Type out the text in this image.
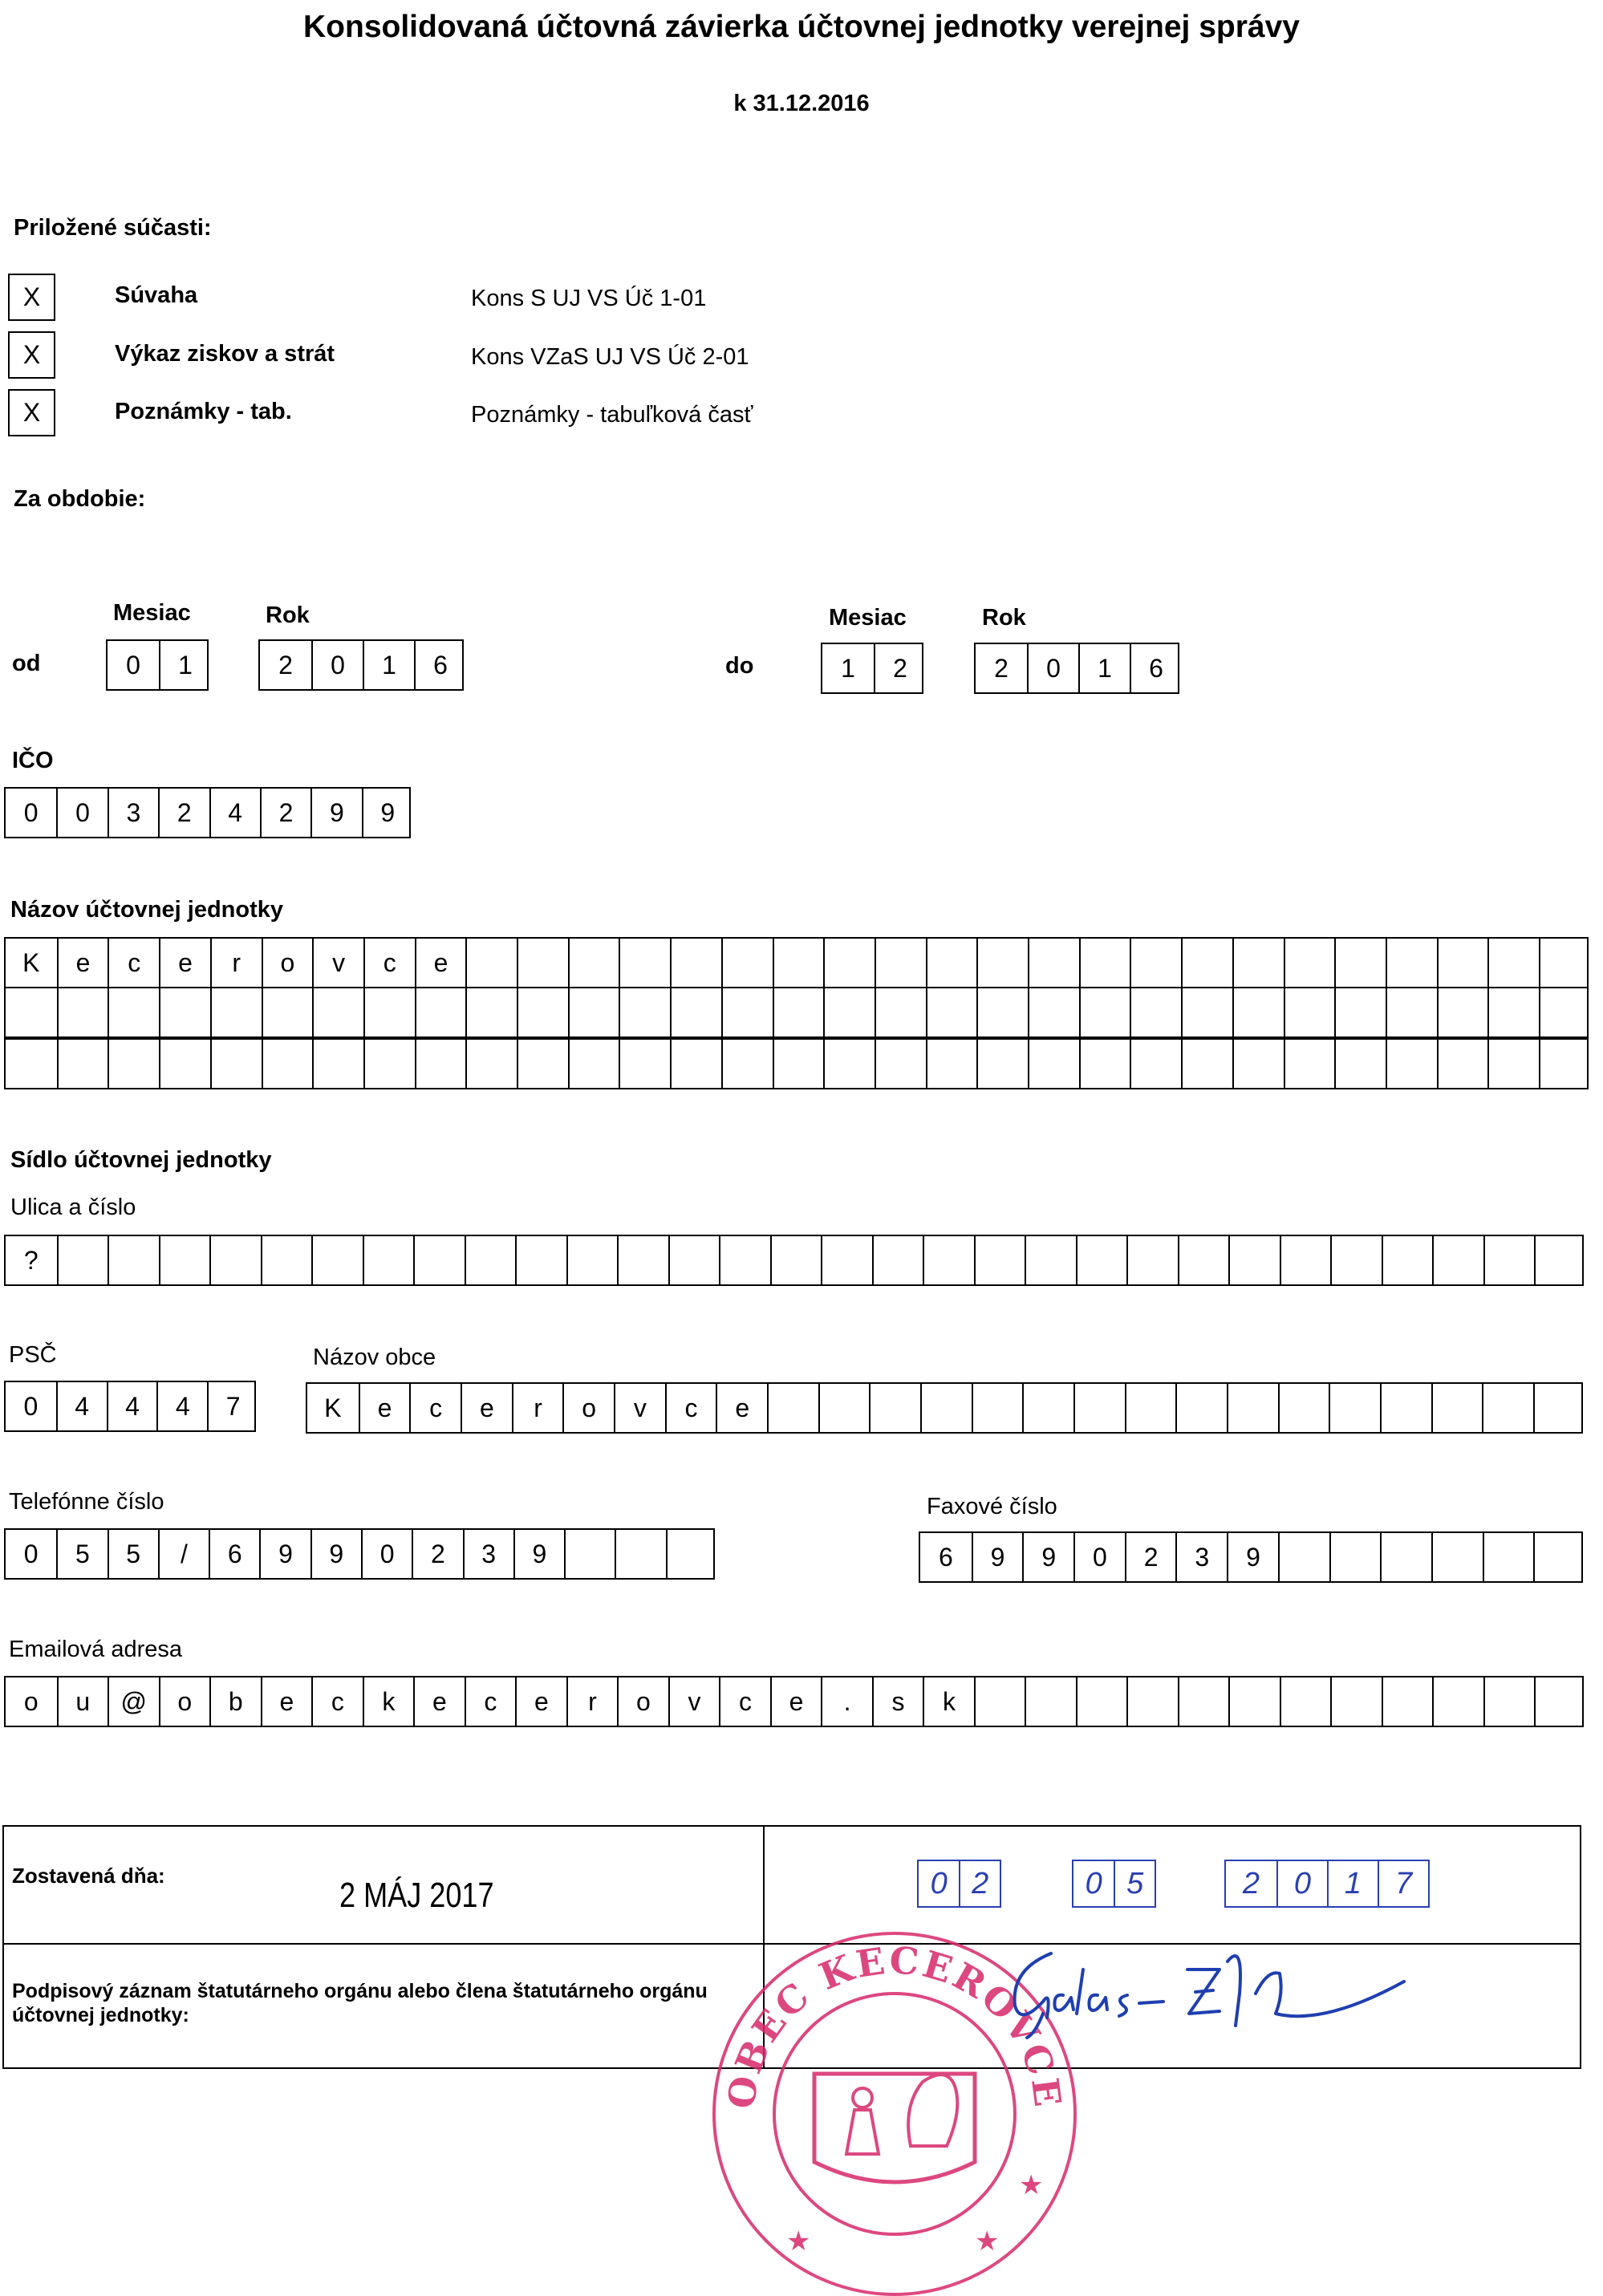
Konsolidovaná účtovná závierka účtovnej jednotky verejnej správy
k 31.12.2016
Priložené súčasti:
X	Súvaha	Kons S UJ VS Úč 1-01
X	Výkaz ziskov a strát	Kons VZaS UJ VS Úč 2-01
X	Poznámky - tab.	Poznámky - tabuľková časť
Za obdobie:
Mesiac	Rok
od	0	1	2	0	1	6
Mesiac	Rok
do	1	2	2	0	1	6
IČO
0	0	3	2	4	2	9	9
Názov účtovnej jednotky
K	e	c	e	r	o	v	c	e
Sídlo účtovnej jednotky
Ulica a číslo
?
PSČ
0	4	4	4	7
Názov obce
K	e	c	e	r	o	v	c	e
Telefónne číslo
0	5	5	/	6	9	9	0	2	3	9
Faxové číslo
6	9	9	0	2	3	9
Emailová adresa
o	u	@	o	b	e	c	k	e	c	e	r	o	v	c	e	.	s	k
Zostavená dňa:	2 MÁJ 2017	0 2	0 5	2	0	1	7
Podpisový záznam štatutárneho orgánu alebo člena štatutárneho orgánu účtovnej jednotky:
OBEC KECEROVCE
★	★
★
